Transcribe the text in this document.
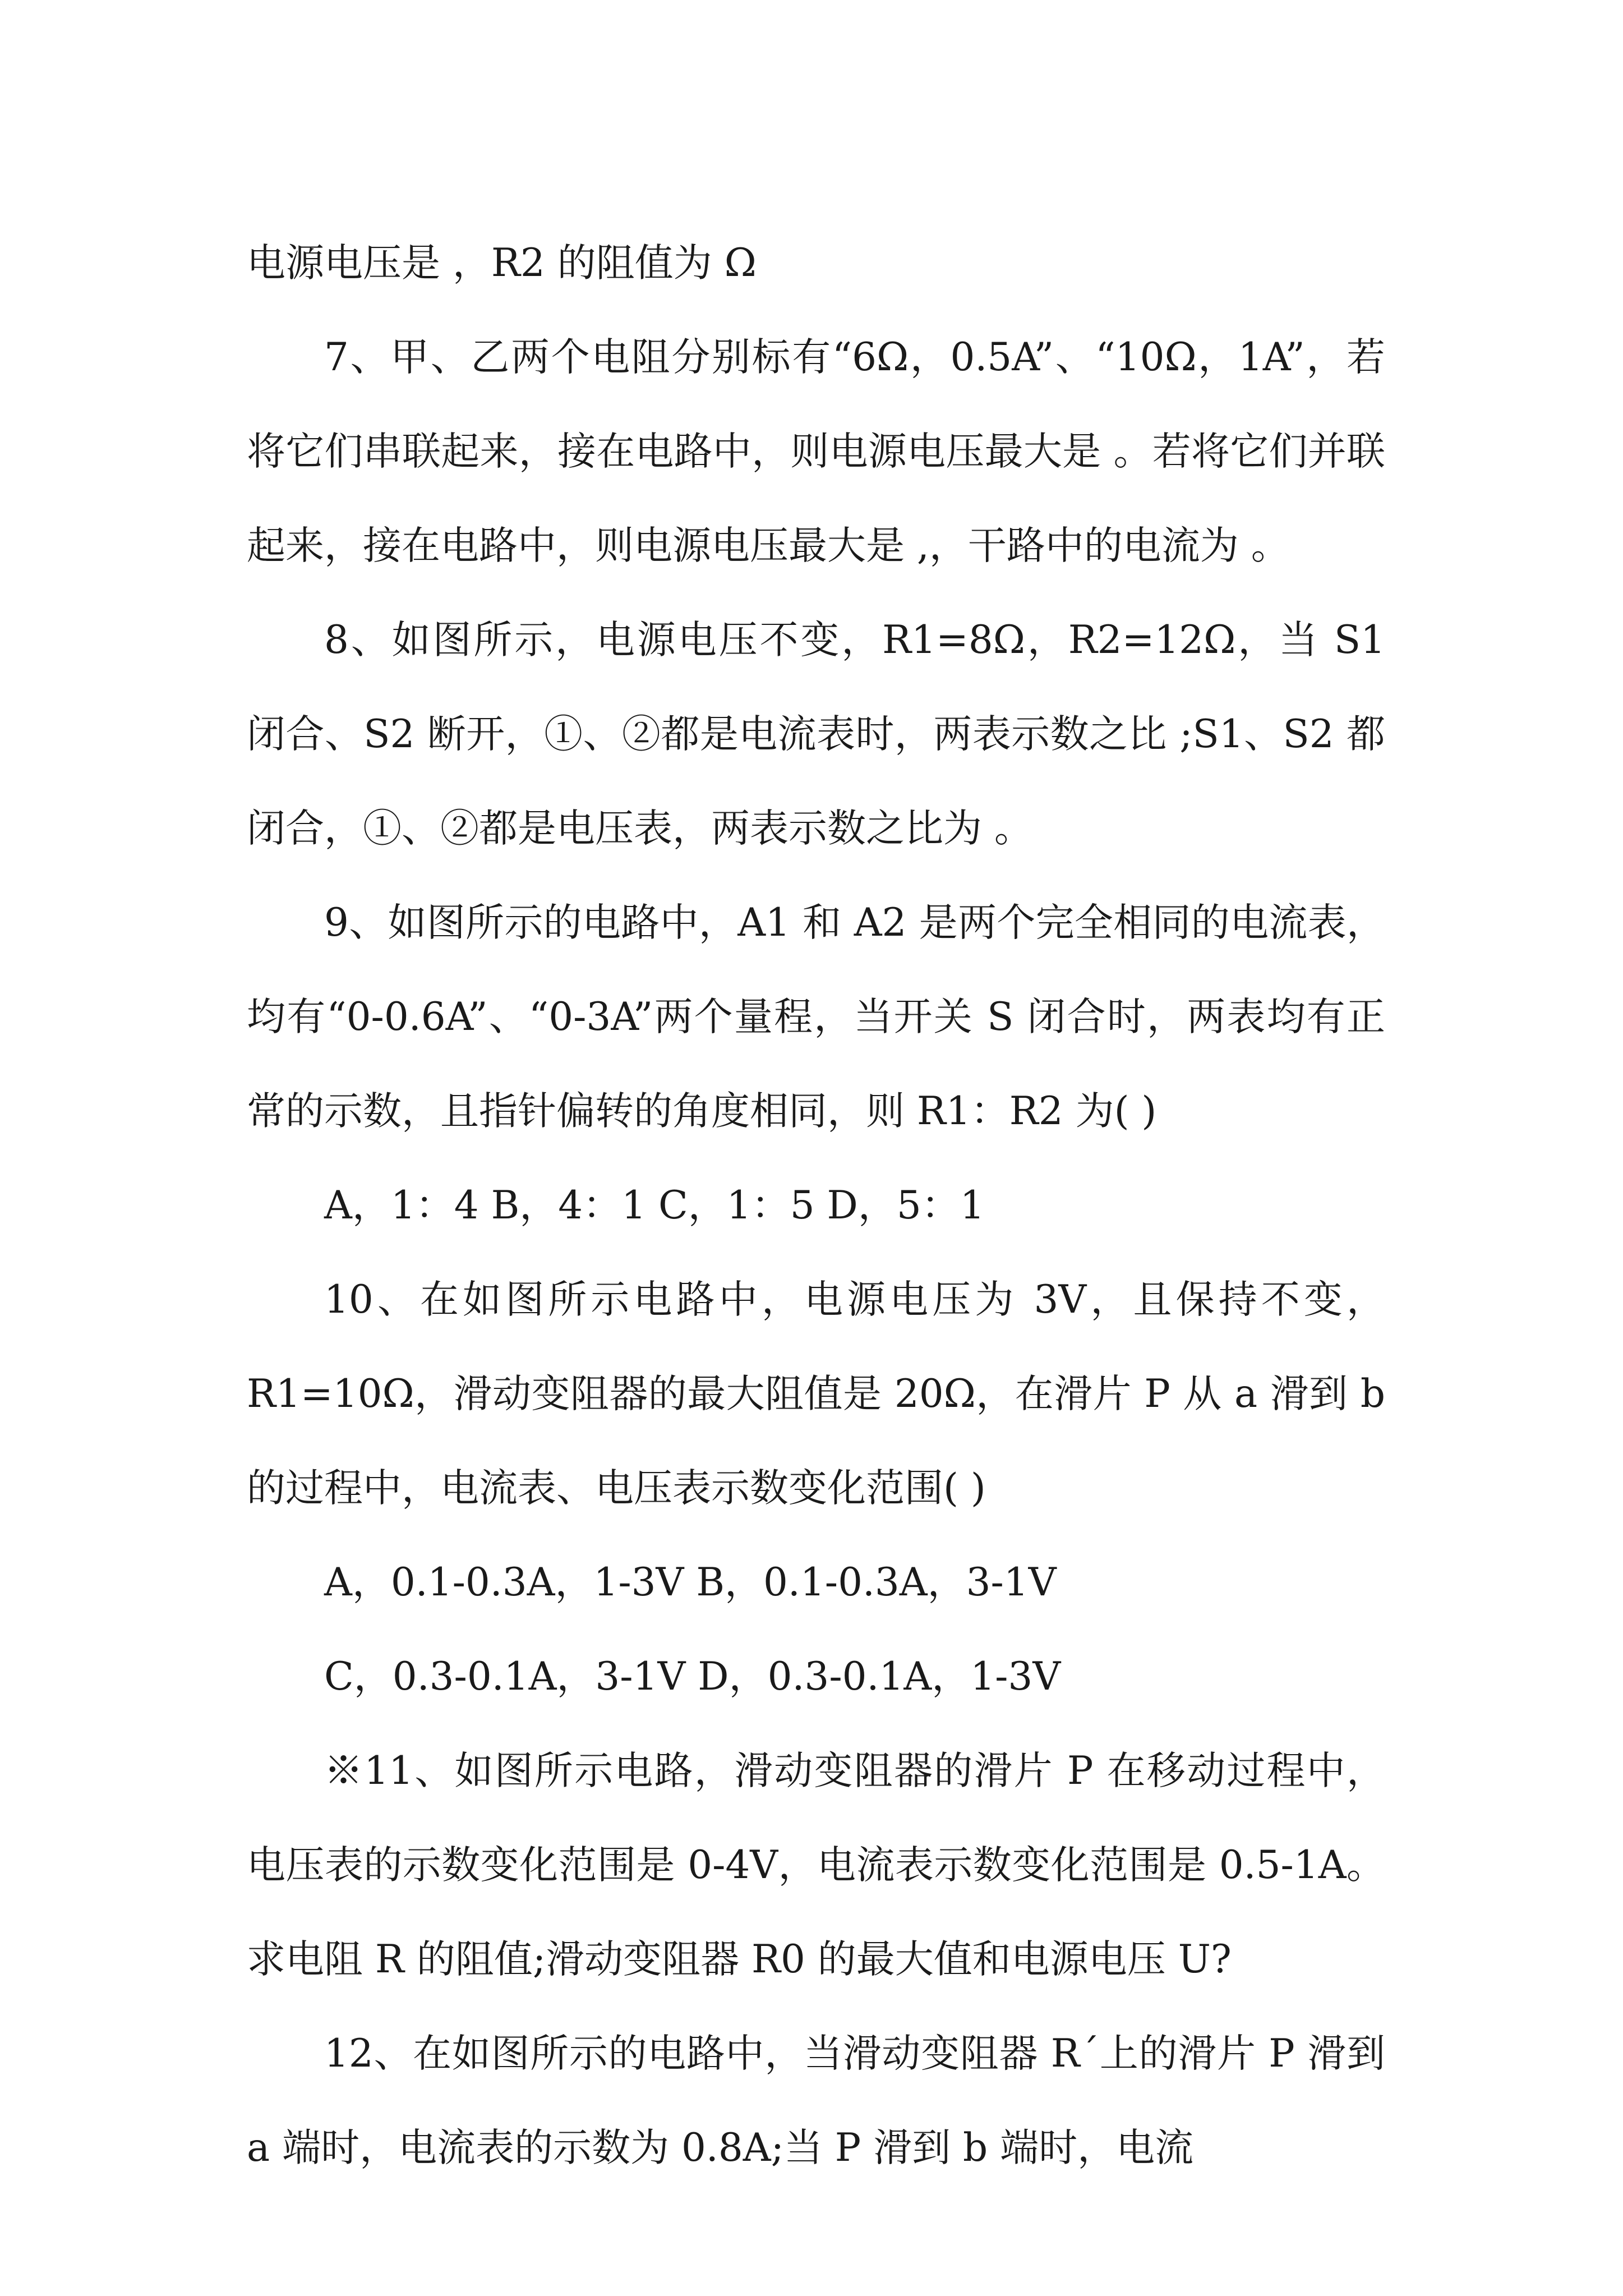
电源电压是 ，R2 的阻值为 Ω

7、甲、乙两个电阻分别标有“6Ω，0.5A”、“10Ω，1A”，若将它们串联起来，接在电路中，则电源电压最大是 。若将它们并联起来，接在电路中，则电源电压最大是 ,，干路中的电流为 。

8、如图所示，电源电压不变，R1=8Ω，R2=12Ω，当 S1 闭合、S2 断开，①、②都是电流表时，两表示数之比 ;S1、S2 都闭合，①、②都是电压表，两表示数之比为 。

9、如图所示的电路中，A1 和 A2 是两个完全相同的电流表，均有“0-0.6A”、“0-3A”两个量程，当开关 S 闭合时，两表均有正常的示数，且指针偏转的角度相同，则 R1：R2 为( )

A，1：4 B，4：1 C，1：5 D，5：1

10、在如图所示电路中，电源电压为 3V，且保持不变，R1=10Ω，滑动变阻器的最大阻值是 20Ω，在滑片 P 从 a 滑到 b 的过程中，电流表、电压表示数变化范围( )

A，0.1-0.3A，1-3V B，0.1-0.3A，3-1V

C，0.3-0.1A，3-1V D，0.3-0.1A，1-3V

※11、如图所示电路，滑动变阻器的滑片 P 在移动过程中，电压表的示数变化范围是 0-4V，电流表示数变化范围是 0.5-1A。求电阻 R 的阻值;滑动变阻器 R0 的最大值和电源电压 U?

12、在如图所示的电路中，当滑动变阻器 R´上的滑片 P 滑到 a 端时，电流表的示数为 0.8A;当 P 滑到 b 端时，电流
